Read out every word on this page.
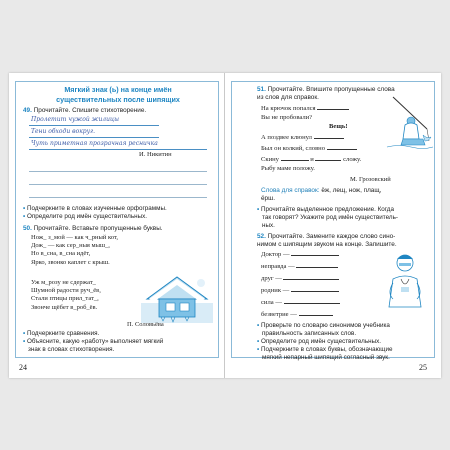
Мягкий знак (ь) на конце имён
существительных после шипящих
49. Прочитайте. Спишите стихотворение.
Пролетит чужой жилицы
Тени обходи вокруг.
Чуть приметная прозрачная ресничка
И. Никитин
• Подчеркните в словах изученные орфограммы.
• Определите род имён существительных.
50. Прочитайте. Вставьте пропущенные буквы.
Нож_ з_мой — как ч_рный кот,
Дож_ — как сер_ныя мыш_,
Но в_сна, в_сна идёт,
Ярко, звонко каплет с крыш.
Уж м_розу не сдержат_
Шумной радости руч_ёв,
Стали птицы прил_тат_,
Звонче щёбет в_роб_ёв.
П. Соловьёва
• Подчеркните сравнения.
• Объясните, какую «работу» выполняет мягкий
знак в словах стихотворения.
24
51. Прочитайте. Впишите пропущенные слова
из слов для справок.
На крючок попался
Вы не пробовали?
Вещь!
А поздвее клюнул
Был он колкий, словно
Скину	и	сложу.
Рыбу маме положу.
М. Грозовский
Слова для справок: ёж, лещ, нож, плащ,
ёрш.
• Прочитайте выделенное предложение. Когда
так говорят? Укажите род имён существитель-
ных.
52. Прочитайте. Замените каждое слово сино-
нимом с шипящим звуком на конце. Запишите.
Доктор —
неправда —
друг —
родник —
сила —
безветрие —
• Проверьте по словарю синонимов учебника
правильность записанных слов.
• Определите род имён существительных.
• Подчеркните в словах буквы, обозначающие
мягкий непарный шипящий согласный звук.
25
